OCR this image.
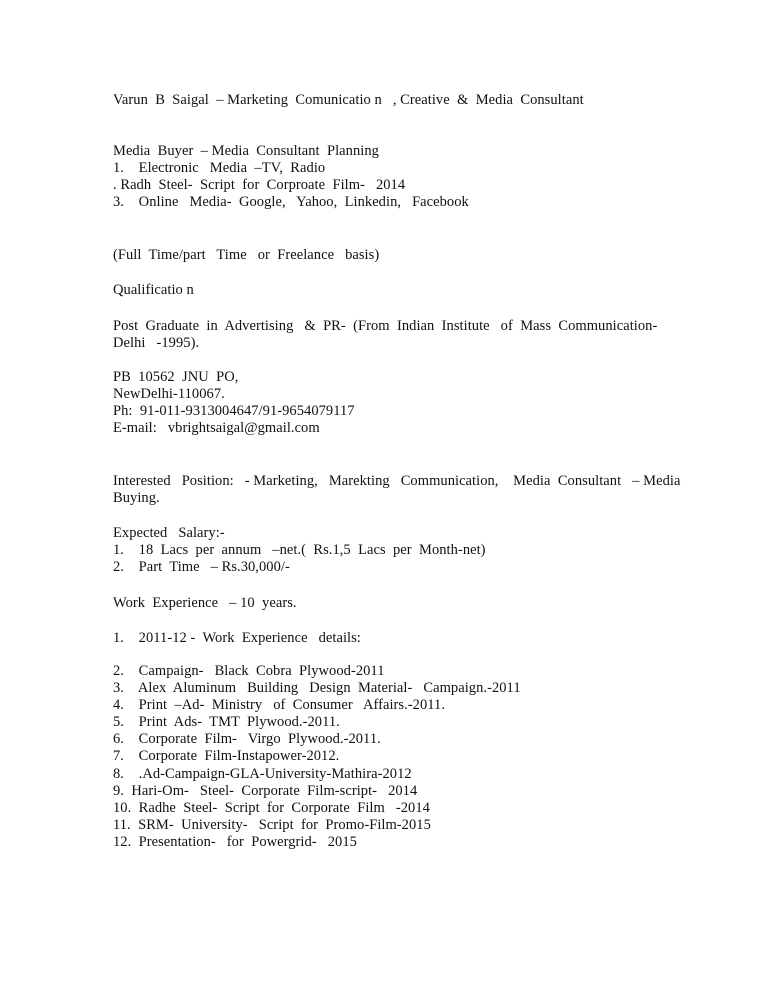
Varun  B  Saigal  – Marketing  Comunicatio n   , Creative  &  Media  Consultant
Media  Buyer  – Media  Consultant  Planning
1.    Electronic   Media  –TV,  Radio
. Radh  Steel-  Script  for  Corproate  Film-   2014
3.    Online   Media-  Google,   Yahoo,  Linkedin,   Facebook
(Full  Time/part   Time   or  Freelance   basis)
Qualificatio n
Post  Graduate  in  Advertising   &  PR-  (From  Indian  Institute   of  Mass  Communication-
Delhi   -1995).
PB  10562  JNU  PO,
NewDelhi-110067.
Ph:  91-011-9313004647/91-9654079117
E-mail:   vbrightsaigal@gmail.com
Interested   Position:   - Marketing,   Marekting   Communication,    Media  Consultant   – Media
Buying.
Expected   Salary:-
1.    18  Lacs  per  annum   –net.(  Rs.1,5  Lacs  per  Month-net)
2.    Part  Time   – Rs.30,000/-
Work  Experience   – 10  years.
1.    2011-12 -  Work  Experience   details:
2.    Campaign-   Black  Cobra  Plywood-2011
3.    Alex  Aluminum   Building   Design  Material-   Campaign.-2011
4.    Print  –Ad-  Ministry   of  Consumer   Affairs.-2011.
5.    Print  Ads-  TMT  Plywood.-2011.
6.    Corporate  Film-   Virgo  Plywood.-2011.
7.    Corporate  Film-Instapower-2012.
8.    .Ad-Campaign-GLA-University-Mathira-2012
9.  Hari-Om-   Steel-  Corporate  Film-script-   2014
10.  Radhe  Steel-  Script  for  Corporate  Film   -2014
11.  SRM-  University-   Script  for  Promo-Film-2015
12.  Presentation-   for  Powergrid-   2015
